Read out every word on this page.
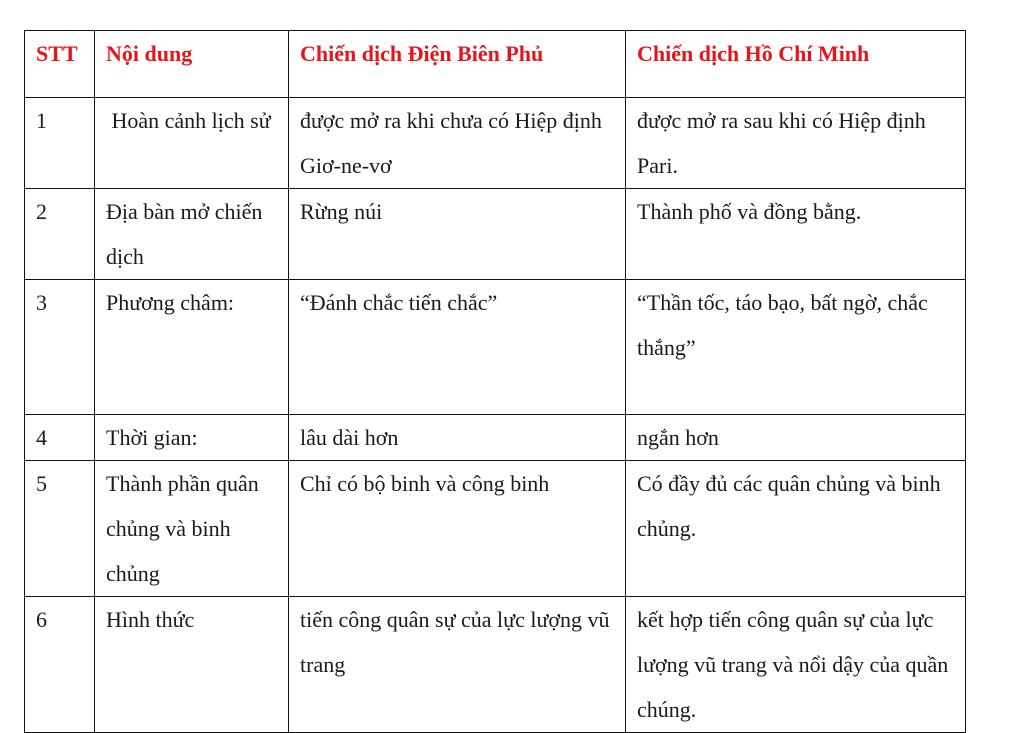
STT	Nội dung	Chiến dịch Điện Biên Phủ	Chiến dịch Hồ Chí Minh
1	Hoàn cảnh lịch sử	được mở ra khi chưa có Hiệp định Giơ-ne-vơ	được mở ra sau khi có Hiệp định Pari.
2	Địa bàn mở chiến dịch	Rừng núi	Thành phố và đồng bằng.
3	Phương châm:	“Đánh chắc tiến chắc”	“Thần tốc, táo bạo, bất ngờ, chắc thắng”
4	Thời gian:	lâu dài hơn	ngắn hơn
5	Thành phần quân chủng và binh chủng	Chỉ có bộ binh và công binh	Có đầy đủ các quân chủng và binh chủng.
6	Hình thức	tiến công quân sự của lực lượng vũ trang	kết hợp tiến công quân sự của lực lượng vũ trang và nổi dậy của quần chúng.
